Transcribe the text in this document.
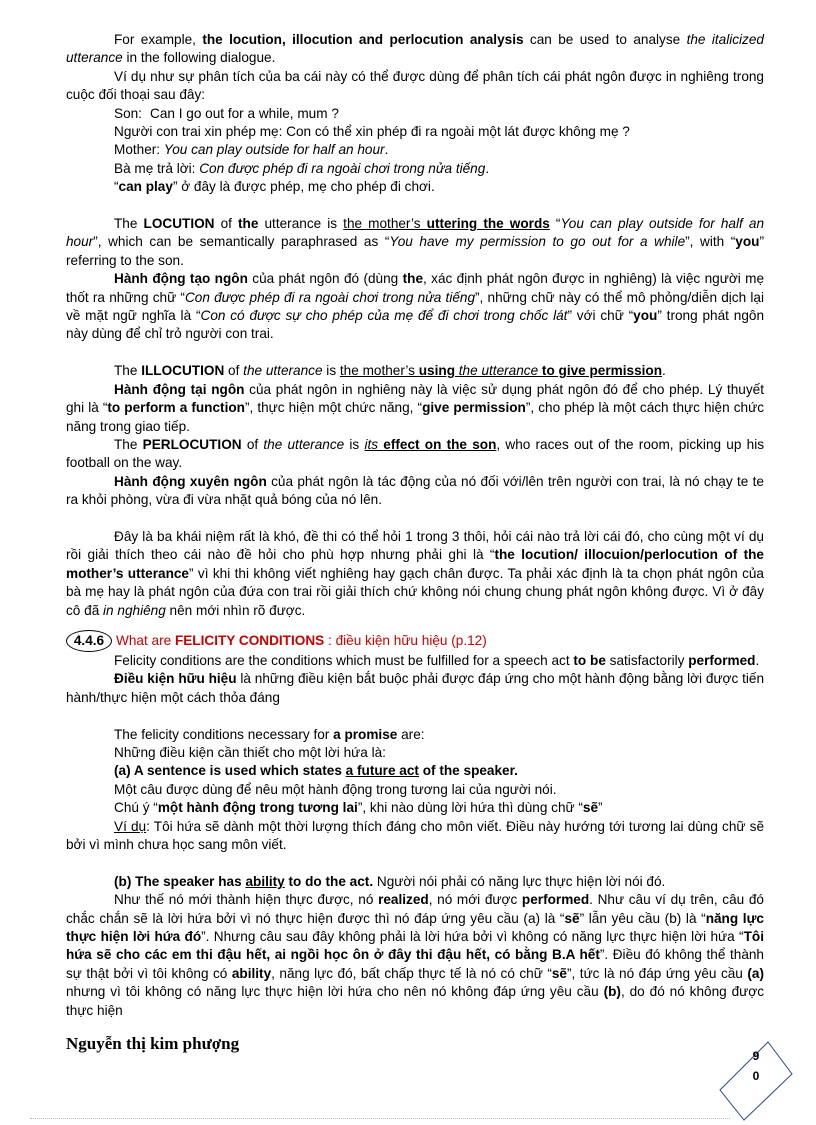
For example, the locution, illocution and perlocution analysis can be used to analyse the italicized utterance in the following dialogue.

Ví dụ như sự phân tích của ba cái này có thể được dùng để phân tích cái phát ngôn được in nghiêng trong cuộc đối thoại sau đây:

Son: Can I go out for a while, mum ?

Người con trai xin phép mẹ: Con có thể xin phép đi ra ngoài một lát được không mẹ ?

Mother: You can play outside for half an hour.

Bà mẹ trả lời: Con được phép đi ra ngoài chơi trong nửa tiếng.

“can play” ở đây là được phép, mẹ cho phép đi chơi.

The LOCUTION of the utterance is the mother’s uttering the words “You can play outside for half an hour”, which can be semantically paraphrased as “You have my permission to go out for a while”, with “you” referring to the son.

Hành động tạo ngôn của phát ngôn đó (dùng the, xác định phát ngôn được in nghiêng) là việc người mẹ thốt ra những chữ “Con được phép đi ra ngoài chơi trong nửa tiếng”, những chữ này có thể mô phỏng/diễn dịch lại về mặt ngữ nghĩa là “Con có được sự cho phép của mẹ để đi chơi trong chốc lát” với chữ “you” trong phát ngôn này dùng để chỉ trỏ người con trai.

The ILLOCUTION of the utterance is the mother’s using the utterance to give permission.

Hành động tại ngôn của phát ngôn in nghiêng này là việc sử dụng phát ngôn đó để cho phép. Lý thuyết ghi là “to perform a function”, thực hiện một chức năng, “give permission”, cho phép là một cách thực hiện chức năng trong giao tiếp.

The PERLOCUTION of the utterance is its effect on the son, who races out of the room, picking up his football on the way.

Hành động xuyên ngôn của phát ngôn là tác động của nó đối với/lên trên người con trai, là nó chạy te te ra khỏi phòng, vừa đi vừa nhặt quả bóng của nó lên.

Đây là ba khái niệm rất là khó, đề thi có thể hỏi 1 trong 3 thôi, hỏi cái nào trả lời cái đó, cho cùng một ví dụ rồi giải thích theo cái nào đề hỏi cho phù hợp nhưng phải ghi là “the locution/ illocuion/perlocution of the mother’s utterance” vì khi thi không viết nghiêng hay gạch chân được. Ta phải xác định là ta chọn phát ngôn của bà mẹ hay là phát ngôn của đứa con trai rồi giải thích chứ không nói chung chung phát ngôn không được. Vì ở đây cô đã in nghiêng nên mới nhìn rõ được.

4.4.6 What are FELICITY CONDITIONS : điều kiện hữu hiệu (p.12)

Felicity conditions are the conditions which must be fulfilled for a speech act to be satisfactorily performed.

Điều kiện hữu hiệu là những điều kiện bắt buộc phải được đáp ứng cho một hành động bằng lời được tiến hành/thực hiện một cách thỏa đáng

The felicity conditions necessary for a promise are:

Những điều kiện cần thiết cho một lời hứa là:

(a) A sentence is used which states a future act of the speaker.

Một câu được dùng để nêu một hành động trong tương lai của người nói.

Chú ý “một hành động trong tương lai”, khi nào dùng lời hứa thì dùng chữ “sẽ”

Ví dụ: Tôi hứa sẽ dành một thời lượng thích đáng cho môn viết. Điều này hướng tới tương lai dùng chữ sẽ bởi vì mình chưa học sang môn viết.

(b) The speaker has ability to do the act. Người nói phải có năng lực thực hiện lời nói đó.

Như thế nó mới thành hiện thực được, nó realized, nó mới được performed. Như câu ví dụ trên, câu đó chắc chắn sẽ là lời hứa bởi vì nó thực hiện được thì nó đáp ứng yêu cầu (a) là “sẽ” lẫn yêu cầu (b) là “năng lực thực hiện lời hứa đó”. Nhưng câu sau đây không phải là lời hứa bởi vì không có năng lực thực hiện lời hứa “Tôi hứa sẽ cho các em thi đậu hết, ai ngồi học ôn ở đây thi đậu hết, có bằng B.A hết”. Điều đó không thể thành sự thật bởi vì tôi không có ability, năng lực đó, bất chấp thực tế là nó có chữ “sẽ”, tức là nó đáp ứng yêu cầu (a) nhưng vì tôi không có năng lực thực hiện lời hứa cho nên nó không đáp ứng yêu cầu (b), do đó nó không được thực hiện

Nguyễn thị kim phượng
9
0
